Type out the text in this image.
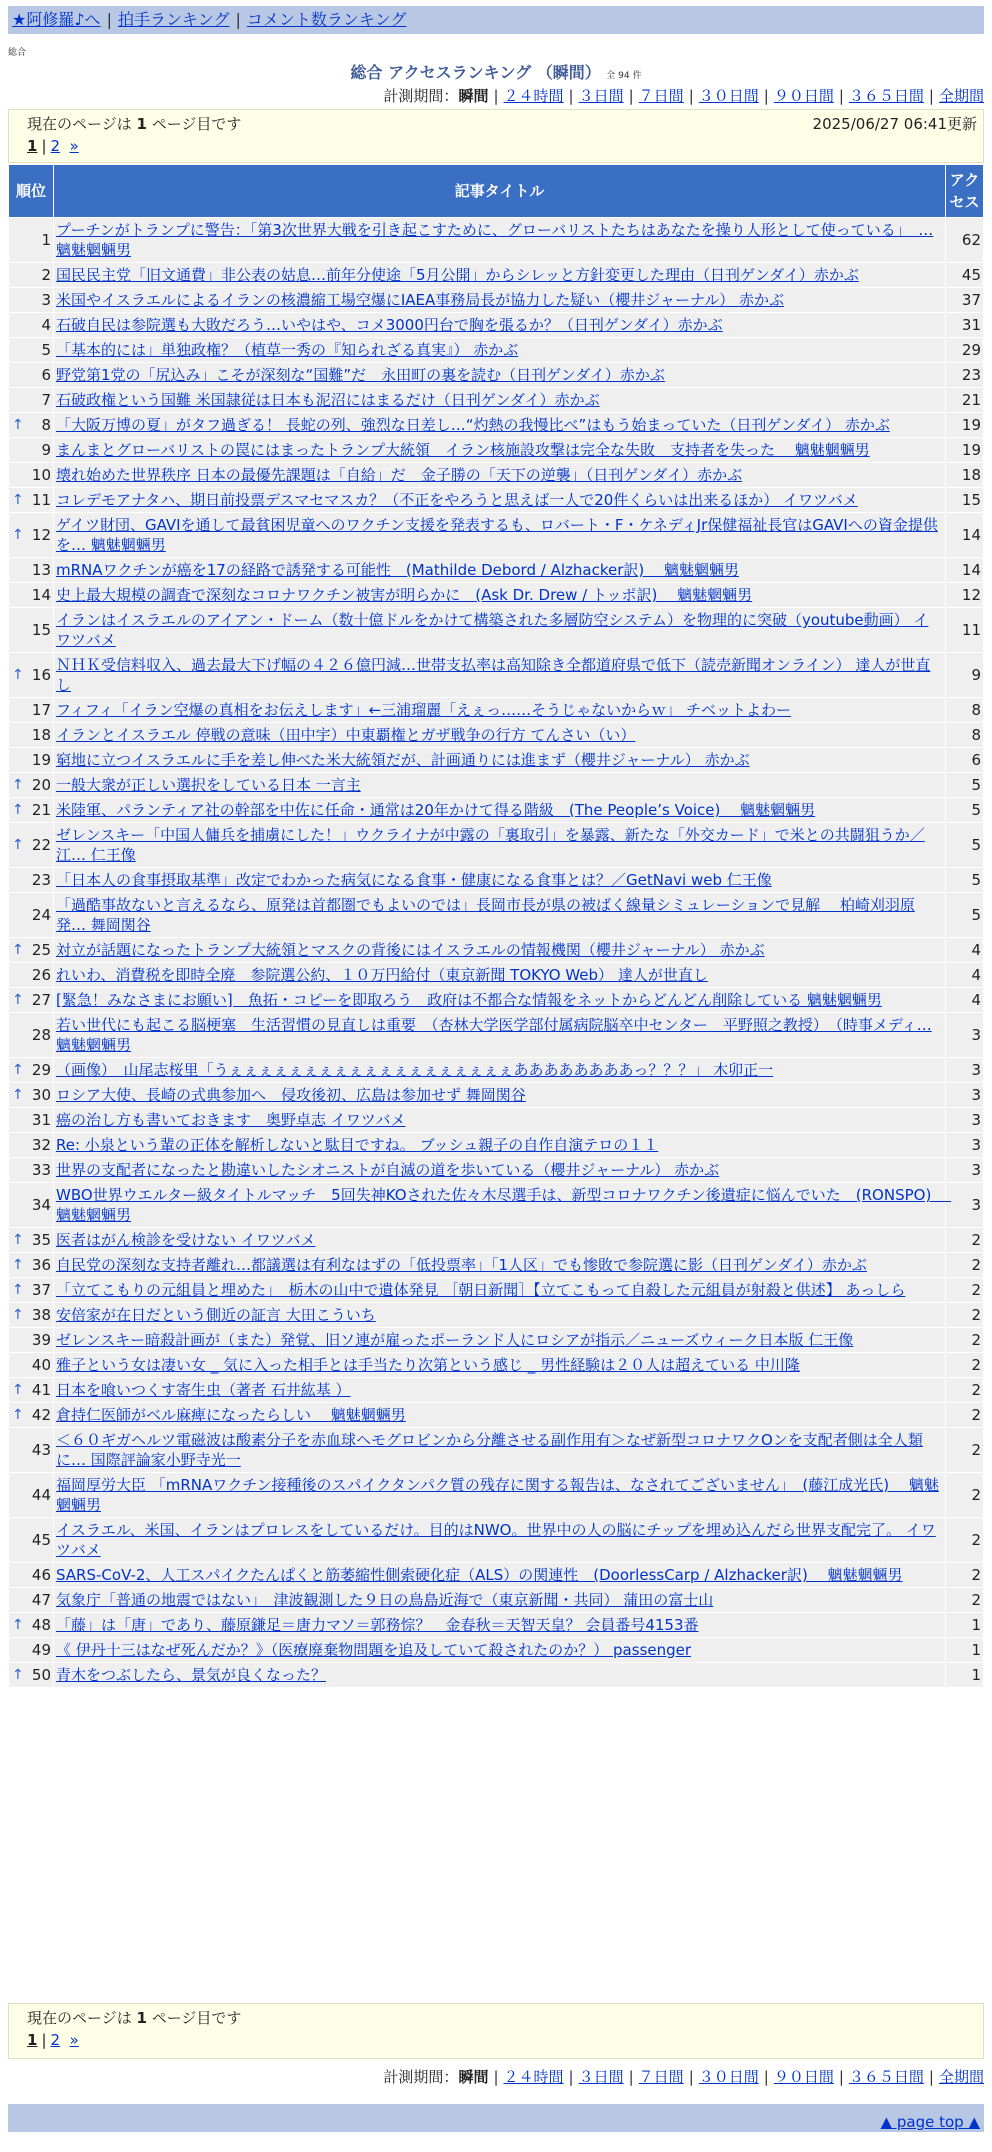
★阿修羅♪へ | 拍手ランキング | コメント数ランキング
総合
総合 アクセスランキング （瞬間） 全 94 件
計測期間：瞬間 | ２４時間 | ３日間 | ７日間 | ３０日間 | ９０日間 | ３６５日間 | 全期間
現在のページは 1 ページ目です	2025/06/27 06:41更新
1 | 2 »
順位	記事タイトル	アクセス
1	プーチンがトランプに警告：「第3次世界大戦を引き起こすために、グローバリストたちはあなたを操り人形として使っている」　… 魑魅魍魎男	62
2	国民民主党「旧文通費」非公表の姑息…前年分使途「5月公開」からシレッと方針変更した理由（日刊ゲンダイ）赤かぶ	45
3	米国やイスラエルによるイランの核濃縮工場空爆にIAEA事務局長が協力した疑い（櫻井ジャーナル） 赤かぶ	37
4	石破自民は参院選も大敗だろう…いやはや、コメ3000円台で胸を張るか？（日刊ゲンダイ）赤かぶ	31
5	「基本的には」単独政権？（植草一秀の『知られざる真実』） 赤かぶ	29
6	野党第1党の「尻込み」こそが深刻な“国難”だ　永田町の裏を読む（日刊ゲンダイ）赤かぶ	23
7	石破政権という国難 米国隷従は日本も泥沼にはまるだけ（日刊ゲンダイ）赤かぶ	21

↑ 8	「大阪万博の夏」がタフ過ぎる！ 長蛇の列、強烈な日差し…“灼熱の我慢比べ”はもう始まっていた（日刊ゲンダイ） 赤かぶ	19
9	まんまとグローバリストの罠にはまったトランプ大統領　イラン核施設攻撃は完全な失敗　支持者を失った　 魑魅魍魎男	19
10	壊れ始めた世界秩序 日本の最優先課題は「自給」だ　金子勝の「天下の逆襲」（日刊ゲンダイ）赤かぶ	18

↑ 11	コレデモアナタハ、期日前投票デスマセマスカ？（不正をやろうと思えば一人で20件くらいは出来るほか） イワツバメ	15

↑ 12	ゲイツ財団、GAVIを通して最貧困児童へのワクチン支援を発表するも、ロバート・F・ケネディJr保健福祉長官はGAVIへの資金提供を… 魑魅魍魎男	14
13	mRNAワクチンが癌を17の経路で誘発する可能性　(Mathilde Debord / Alzhacker訳)　 魑魅魍魎男	14
14	史上最大規模の調査で深刻なコロナワクチン被害が明らかに　(Ask Dr. Drew / トッポ訳)　 魑魅魍魎男	12
15	イランはイスラエルのアイアン・ドーム（数十億ドルをかけて構築された多層防空システム）を物理的に突破（youtube動画） イワツバメ	11

↑ 16	ＮＨＫ受信料収入、過去最大下げ幅の４２６億円減…世帯支払率は高知除き全都道府県で低下（読売新聞オンライン） 達人が世直し	9
17	フィフィ「イラン空爆の真相をお伝えします」←三浦瑠麗「えぇっ……そうじゃないからｗ」 チベットよわー	8
18	イランとイスラエル 停戦の意味（田中宇）中東覇権とガザ戦争の行方 てんさい（い）	8
19	窮地に立つイスラエルに手を差し伸べた米大統領だが、計画通りには進まず（櫻井ジャーナル） 赤かぶ	6

↑ 20	一般大衆が正しい選択をしている日本 一言主	5

↑ 21	米陸軍、パランティア社の幹部を中佐に任命・通常は20年かけて得る階級　(The People’s Voice)　 魑魅魍魎男	5

↑ 22	ゼレンスキー「中国人傭兵を捕虜にした！」ウクライナが中露の「裏取引」を暴露、新たな「外交カード」で米との共闘狙うか／江… 仁王像	5
23	「日本人の食事摂取基準」改定でわかった病気になる食事・健康になる食事とは？／GetNavi web 仁王像	5
24	「過酷事故ないと言えるなら、原発は首都圏でもよいのでは」長岡市長が県の被ばく線量シミュレーションで見解　 柏崎刈羽原発… 舞岡関谷	5

↑ 25	対立が話題になったトランプ大統領とマスクの背後にはイスラエルの情報機関（櫻井ジャーナル） 赤かぶ	4
26	れいわ、消費税を即時全廃　参院選公約、１０万円給付（東京新聞 TOKYO Web） 達人が世直し	4

↑ 27	[緊急！みなさまにお願い]　魚拓・コピーを即取ろう　政府は不都合な情報をネットからどんどん削除している 魑魅魍魎男	4
28	若い世代にも起こる脳梗塞　生活習慣の見直しは重要　（杏林大学医学部付属病院脳卒中センター　平野照之教授）　（時事メディ… 魑魅魍魎男	3

↑ 29	（画像）　山尾志桜里「うぇぇぇぇぇぇぇぇぇぇぇぇぇぇぇぇぇぇぇああああああああっ？？？」 木卯正一	3

↑ 30	ロシア大使、長崎の式典参加へ　侵攻後初、広島は参加せず 舞岡関谷	3
31	癌の治し方も書いておきます　奥野卓志 イワツバメ	3
32	Re: 小泉という輩の正体を解析しないと駄目ですね。 ブッシュ親子の自作自演テロの１１	3
33	世界の支配者になったと勘違いしたシオニストが自滅の道を歩いている（櫻井ジャーナル） 赤かぶ	3
34	WBO世界ウエルター級タイトルマッチ　5回失神KOされた佐々木尽選手は、新型コロナワクチン後遺症に悩んでいた　(RONSPO)　 魑魅魍魎男	3

↑ 35	医者はがん検診を受けない イワツバメ	2

↑ 36	自民党の深刻な支持者離れ…都議選は有利なはずの「低投票率」「1人区」でも惨敗で参院選に影（日刊ゲンダイ）赤かぶ	2

↑ 37	「立てこもりの元組員と埋めた」　栃木の山中で遺体発見 ［朝日新聞］【立てこもって自殺した元組員が射殺と供述】 あっしら	2

↑ 38	安倍家が在日だという側近の証言 大田こういち	2
39	ゼレンスキー暗殺計画が（また）発覚、旧ソ連が雇ったポーランド人にロシアが指示／ニューズウィーク日本版 仁王像	2
40	雅子という女は凄い女 _ 気に入った相手とは手当たり次第という感じ _ 男性経験は２０人は超えている 中川隆	2

↑ 41	日本を喰いつくす寄生虫（著者 石井紘基 ）	2

↑ 42	倉持仁医師がベル麻痺になったらしい　 魑魅魍魎男	2
43	＜６０ギガヘルツ電磁波は酸素分子を赤血球ヘモグロビンから分離させる副作用有＞なぜ新型コロナワクOンを支配者側は全人類に… 国際評論家小野寺光一	2
44	福岡厚労大臣 「mRNAワクチン接種後のスパイクタンパク質の残存に関する報告は、なされてございません」　(藤江成光氏)　 魑魅魍魎男	2
45	イスラエル、米国、イランはプロレスをしているだけ。目的はNWO。世界中の人の脳にチップを埋め込んだら世界支配完了。 イワツバメ	2
46	SARS-CoV-2、人工スパイクたんぱくと筋萎縮性側索硬化症（ALS）の関連性　(DoorlessCarp / Alzhacker訳)　 魑魅魍魎男	2
47	気象庁「普通の地震ではない」　津波観測した９日の鳥島近海で（東京新聞・共同） 蒲田の富士山	2

↑ 48	「藤」は「唐」であり、藤原鎌足＝唐力マソ＝郭務悰？　金春秋＝天智天皇？ 会員番号4153番	1
49	《 伊丹十三はなぜ死んだか？》（医療廃棄物問題を追及していて殺されたのか？） passenger	1

↑ 50	青木をつぶしたら、景気が良くなった？	1
現在のページは 1 ページ目です
1 | 2 »
計測期間：瞬間 | ２４時間 | ３日間 | ７日間 | ３０日間 | ９０日間 | ３６５日間 | 全期間
▲ page top ▲
